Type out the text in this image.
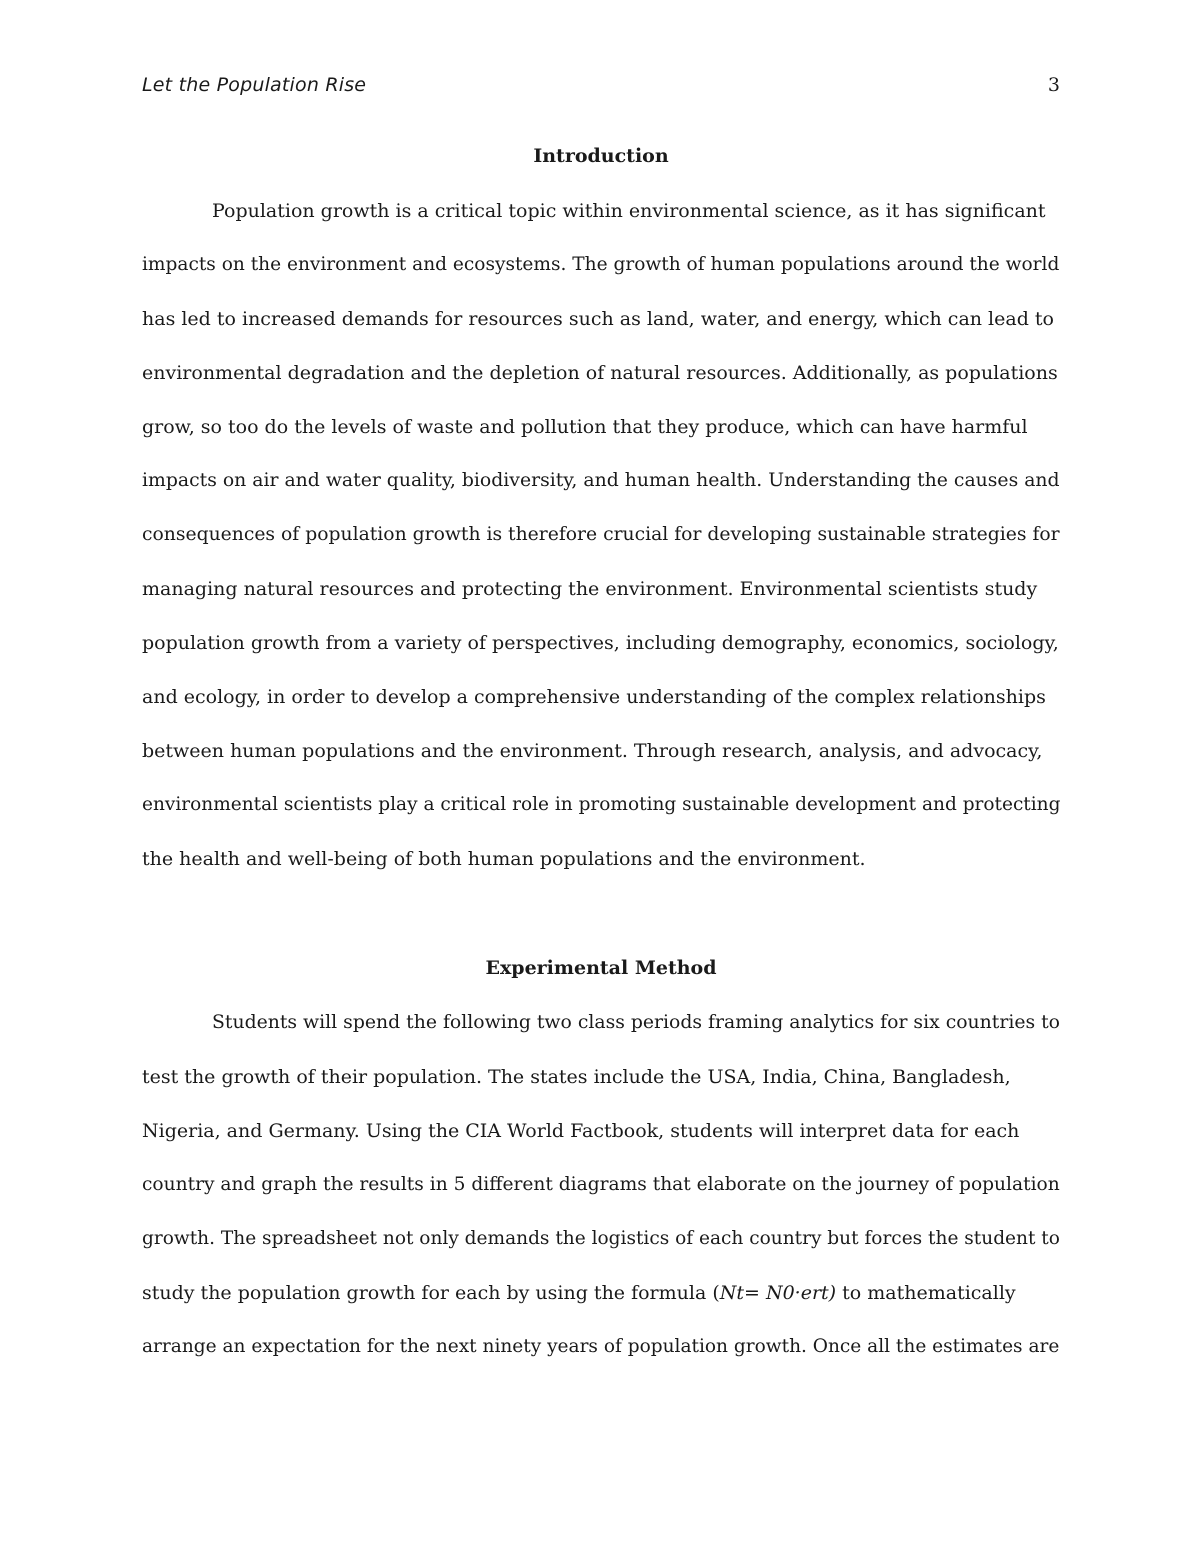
Let the Population Rise	3
Introduction
Population growth is a critical topic within environmental science, as it has significant
impacts on the environment and ecosystems. The growth of human populations around the world
has led to increased demands for resources such as land, water, and energy, which can lead to
environmental degradation and the depletion of natural resources. Additionally, as populations
grow, so too do the levels of waste and pollution that they produce, which can have harmful
impacts on air and water quality, biodiversity, and human health. Understanding the causes and
consequences of population growth is therefore crucial for developing sustainable strategies for
managing natural resources and protecting the environment. Environmental scientists study
population growth from a variety of perspectives, including demography, economics, sociology,
and ecology, in order to develop a comprehensive understanding of the complex relationships
between human populations and the environment. Through research, analysis, and advocacy,
environmental scientists play a critical role in promoting sustainable development and protecting
the health and well-being of both human populations and the environment.
Experimental Method
Students will spend the following two class periods framing analytics for six countries to
test the growth of their population. The states include the USA, India, China, Bangladesh,
Nigeria, and Germany. Using the CIA World Factbook, students will interpret data for each
country and graph the results in 5 different diagrams that elaborate on the journey of population
growth. The spreadsheet not only demands the logistics of each country but forces the student to
study the population growth for each by using the formula (Nt= N0·ert) to mathematically
arrange an expectation for the next ninety years of population growth. Once all the estimates are
